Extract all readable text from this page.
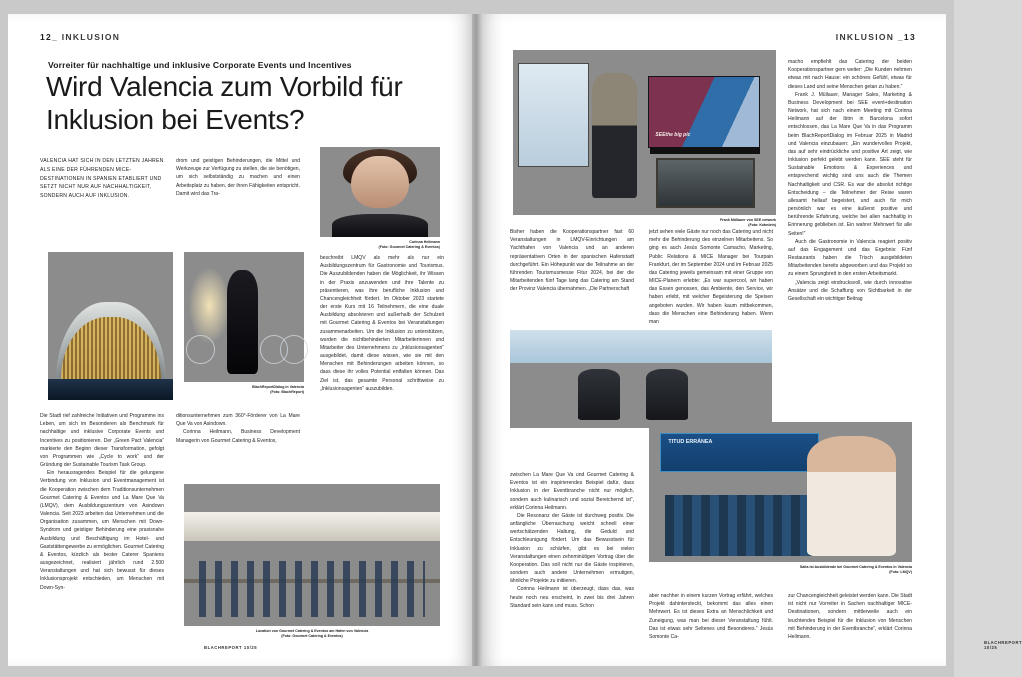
12_ INKLUSION
Vorreiter für nachhaltige und inklusive Corporate Events und Incentives
Wird Valencia zum Vorbild für Inklusion bei Events?
VALENCIA HAT SICH IN DEN LETZTEN JAHREN ALS EINE DER FÜHRENDEN MICE-DESTINATIONEN IN SPANIEN ETABLIERT UND SETZT NICHT NUR AUF NACHHALTIGKEIT, SONDERN AUCH AUF INKLUSION.
drom und geistigen Behinderungen, die Mittel und Werkzeuge zur Verfügung zu stellen, die sie benötigen, um sich selbstständig zu machen und einen Arbeitsplatz zu haben, der ihren Fähigkeiten entspricht. Damit wird das Tra-
Corinna Heilmann
(Foto: Gourmet Catering & Eventos)
BlachReportDialog in Valencia
(Foto: BlachReport)
beschreibt LMQV als mehr als nur ein Ausbildungszentrum für Gastronomie und Tourismus. Die Auszubildenden haben die Möglichkeit, ihr Wissen in der Praxis anzuwenden und ihre Talente zu präsentieren, was ihre berufliche Inklusion und Chancengleichheit fördert. Im Oktober 2023 startete der erste Kurs mit 16 Teilnehmern, die eine duale Ausbildung absolvieren und außerhalb der Schulzeit mit Gourmet Catering & Eventos bei Veranstaltungen zusammenarbeiten. Um die Inklusion zu unterstützen, wurden die nichtbehinderten Mitarbeiterinnen und Mitarbeiter des Unternehmens zu „Inklusionsagenten“ ausgebildet, damit diese wissen, wie sie mit den Menschen mit Behinderungen arbeiten können, so dass diese ihr volles Potential entfalten können. Das Ziel ist, das gesamte Personal schrittweise zu „Inklusionsagenten“ auszubilden.

Die Stadt rief zahlreiche Initiativen und Programme ins Leben, um sich im Besonderen als Benchmark für nachhaltige und inklusive Corporate Events und Incentives zu positionieren. Der „Green Pact Valencia“ markierte den Beginn dieser Transformation, gefolgt von Programmen wie „Cycle to work“ und der Gründung der Sustainable Tourism Task Group.

Ein herausragendes Beispiel für die gelungene Verbindung von Inklusion und Eventmanagement ist die Kooperation zwischen dem Traditionsunternehmen Gourmet Catering & Eventos und La Mare Que Va (LMQV), dem Ausbildungszentrum von Asindown Valencia. Seit 2023 arbeiten das Unternehmen und die Organisation zusammen, um Menschen mit Down-Syndrom und geistiger Behinderung eine praxisnahe Ausbildung und Beschäftigung im Hotel- und Gaststättengewerbe zu ermöglichen. Gourmet Catering & Eventos, kürzlich als bester Caterer Spaniens ausgezeichnet, realisiert jährlich rund 2.500 Veranstaltungen und hat sich bewusst für dieses Inklusionsprojekt entschieden, um Menschen mit Down-Syn-

ditionsunternehmen zum 360°-Förderer von La Mare Que Va von Asindown.

Corinna Heilmann, Business Development Managerin von Gourmet Catering & Eventos,

Location von Gourmet Catering & Eventos am Hafen von Valencia
(Foto: Gourmet Catering & Eventos)
BLACHREPORT 10/25
INKLUSION _13
SEEthe big pic
Frank Müllauer von SEE network
(Foto: Krämlein)

macho empfiehlt das Catering der beiden Kooperationspartner gern weiter: „Die Kunden nehmen etwas mit nach Hause: ein schönes Gefühl, etwas für dieses Land und seine Menschen getan zu haben.“

Frank J. Müllauer, Manager Sales, Marketing & Business Development bei SEE event+destination Network, hat sich nach einem Meeting mit Corinna Heilmann auf der ibtm in Barcelona sofort entschlossen, das La Mare Que Va in das Programm beim BlachReportDialog im Februar 2025 in Madrid und Valencia einzubauen: „Ein wundervolles Projekt, das auf sehr eindrückliche und positive Art zeigt, wie Inklusion perfekt gelebt werden kann. SEE steht für Sustainable Emotions & Experiences und entsprechend wichtig sind uns auch die Themen Nachhaltigkeit und CSR. Es war die absolut richtige Entscheidung – die Teilnehmer der Reise waren allesamt hellauf begeistert, und auch für mich persönlich war es eine äußerst positive und berührende Erfahrung, welche bei allen nachhaltig in Erinnerung geblieben ist. Ein wahrer Mehrwert für alle Seiten!“

Auch die Gastronomie in Valencia reagiert positiv auf das Engagement und das Ergebnis: Fünf Restaurants haben die Trisch ausgebildeten Mitarbeitenden bereits abgeworben und das Projekt so zu einem Sprungbrett in den ersten Arbeitsmarkt.

„Valencia zeigt eindrucksvoll, wie durch innovative Ansätze und die Schaffung von Sichtbarkeit in der Gesellschaft ein wichtiger Beitrag

Bisher haben die Kooperationspartner fast 60 Veranstaltungen in LMQV-Einrichtungen am Yachthafen von Valencia und an anderen repräsentativen Orten in der spanischen Hafenstadt durchgeführt. Ein Höhepunkt war die Teilnahme an der führenden Tourismusmesse Fitur 2024, bei der die Mitarbeitenden fünf Tage lang das Catering am Stand der Provinz Valencia übernahmen. „Die Partnerschaft
jetzt sehen viele Gäste nur noch das Catering und nicht mehr die Behinderung des einzelnen Mitarbeitens. So ging es auch Jesús Somonte Camacho, Marketing, Public Relations & MICE Manager bei Tourpain Frankfurt, der im September 2024 und im Februar 2025 das Catering jeweils gemeinsam mit einer Gruppe von MICE-Planern erlebte: „Es war supercool, wir haben das Essen genossen, das Ambiente, den Service, wir haben erlebt, mit welcher Begeisterung die Speisen angeboten wurden. Wir haben kaum mitbekommen, dass die Menschen eine Behinderung haben. Wenn man

zwischen La Mare Que Va und Gourmet Catering & Eventos ist ein inspirierendes Beispiel dafür, dass Inklusion in der Eventbranche nicht nur möglich, sondern auch kulinarisch und sozial Bereichernd ist“, erklärt Corinna Heilmann.

Die Resonanz der Gäste ist durchweg positiv. Die anfängliche Überraschung weicht schnell einer wertschätzenden Haltung, die Geduld und Entschleunigung fördert. Um das Bewusstsein für Inklusion zu schärfen, gibt es bei vielen Veranstaltungen einen zehnminütigen Vortrag über die Kooperation. Das soll nicht nur die Gäste inspirieren, sondern auch andere Unternehmen ermutigen, ähnliche Projekte zu initiieren.

Corinna Heilmann ist überzeugt, dass das, was heute noch neu erscheint, in zwei bis drei Jahren Standard sein kann und muss. Schon

TITUD ERRÁNEA
Salta ist Ausbildende bei Gourmet Catering & Eventos in Valencia
(Foto: LMQV)
aber nachher in einem kurzen Vortrag erfährt, welches Projekt dahintersteckt, bekommt das alles einen Mehrwert. Es ist dieses Extra an Menschlichkeit und Zuneigung, was man bei dieser Veranstaltung fühlt. Das ist etwas sehr Seltenes und Besonderes.“ Jesús Somonte Ca-
zur Chancengleichheit geleistet werden kann. Die Stadt ist nicht nur Vorreiter in Sachen nachhaltiger MICE-Destinationen, sondern mittlerweile auch ein leuchtendes Beispiel für die Inklusion von Menschen mit Behinderung in der Eventbranche“, erklärt Corinna Heilmann.
BLACHREPORT 10/25
